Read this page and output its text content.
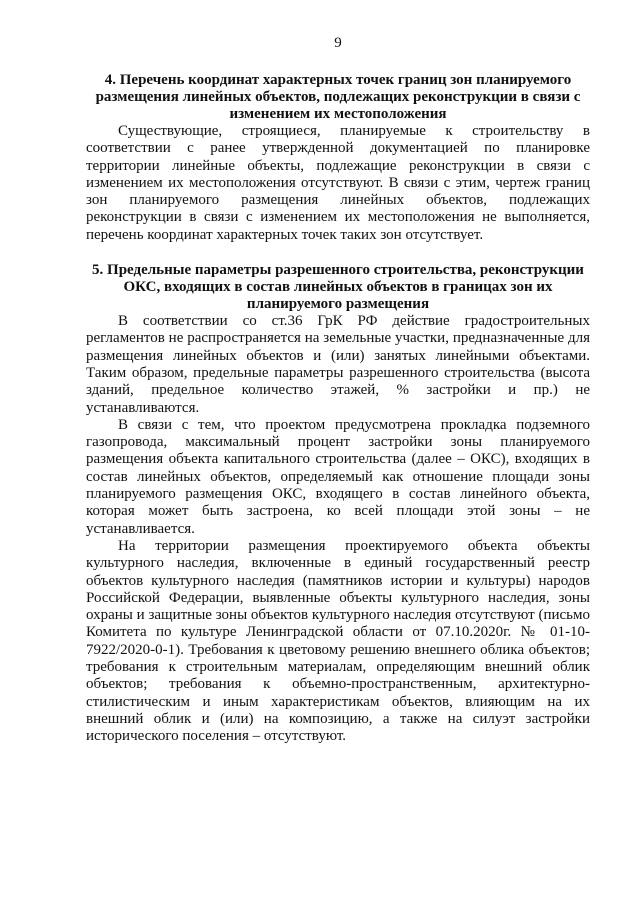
9

4. Перечень координат характерных точек границ зон планируемого размещения линейных объектов, подлежащих реконструкции в связи с изменением их местоположения

Существующие, строящиеся, планируемые к строительству в соответствии с ранее утвержденной документацией по планировке территории линейные объекты, подлежащие реконструкции в связи с изменением их местоположения отсутствуют. В связи с этим, чертеж границ зон планируемого размещения линейных объектов, подлежащих реконструкции в связи с изменением их местоположения не выполняется, перечень координат характерных точек таких зон отсутствует.

5. Предельные параметры разрешенного строительства, реконструкции ОКС, входящих в состав линейных объектов в границах зон их планируемого размещения

В соответствии со ст.36 ГрК РФ действие градостроительных регламентов не распространяется на земельные участки, предназначенные для размещения линейных объектов и (или) занятых линейными объектами. Таким образом, предельные параметры разрешенного строительства (высота зданий, предельное количество этажей, % застройки и пр.) не устанавливаются.

В связи с тем, что проектом предусмотрена прокладка подземного газопровода, максимальный процент застройки зоны планируемого размещения объекта капитального строительства (далее – ОКС), входящих в состав линейных объектов, определяемый как отношение площади зоны планируемого размещения ОКС, входящего в состав линейного объекта, которая может быть застроена, ко всей площади этой зоны – не устанавливается.

На территории размещения проектируемого объекта объекты культурного наследия, включенные в единый государственный реестр объектов культурного наследия (памятников истории и культуры) народов Российской Федерации, выявленные объекты культурного наследия, зоны охраны и защитные зоны объектов культурного наследия отсутствуют (письмо Комитета по культуре Ленинградской области от 07.10.2020г. № 01-10-7922/2020-0-1). Требования к цветовому решению внешнего облика объектов; требования к строительным материалам, определяющим внешний облик объектов; требования к объемно-пространственным, архитектурно-стилистическим и иным характеристикам объектов, влияющим на их внешний облик и (или) на композицию, а также на силуэт застройки исторического поселения – отсутствуют.
